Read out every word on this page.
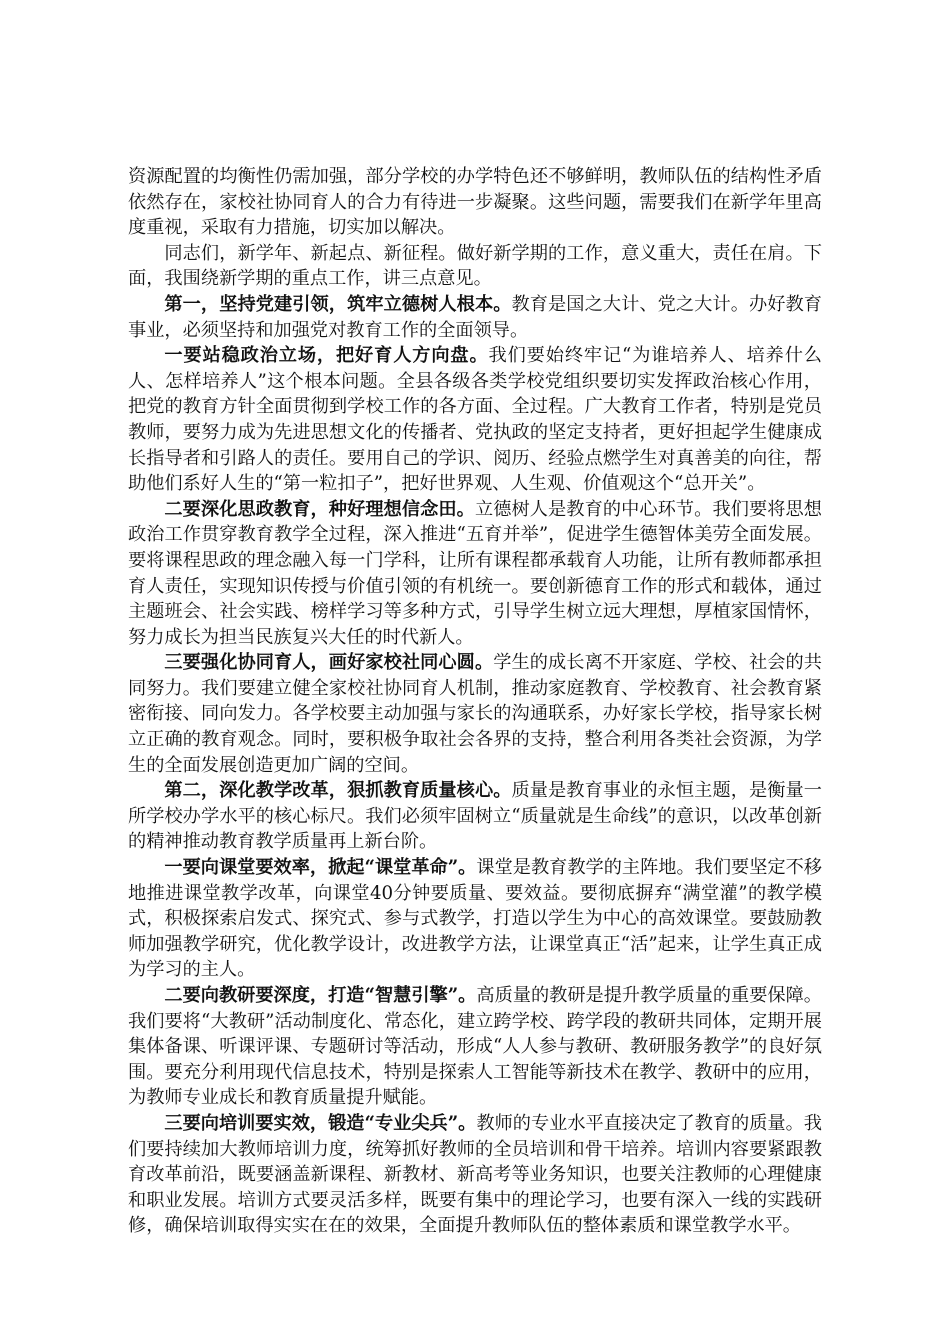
资源配置的均衡性仍需加强，部分学校的办学特色还不够鲜明，教师队伍的结构性矛盾依然存在，家校社协同育人的合力有待进一步凝聚。这些问题，需要我们在新学年里高度重视，采取有力措施，切实加以解决。

同志们，新学年、新起点、新征程。做好新学期的工作，意义重大，责任在肩。下面，我围绕新学期的重点工作，讲三点意见。

第一，坚持党建引领，筑牢立德树人根本。教育是国之大计、党之大计。办好教育事业，必须坚持和加强党对教育工作的全面领导。

一要站稳政治立场，把好育人方向盘。我们要始终牢记“为谁培养人、培养什么人、怎样培养人”这个根本问题。全县各级各类学校党组织要切实发挥政治核心作用，把党的教育方针全面贯彻到学校工作的各方面、全过程。广大教育工作者，特别是党员教师，要努力成为先进思想文化的传播者、党执政的坚定支持者，更好担起学生健康成长指导者和引路人的责任。要用自己的学识、阅历、经验点燃学生对真善美的向往，帮助他们系好人生的“第一粒扣子”，把好世界观、人生观、价值观这个“总开关”。

二要深化思政教育，种好理想信念田。立德树人是教育的中心环节。我们要将思想政治工作贯穿教育教学全过程，深入推进“五育并举”，促进学生德智体美劳全面发展。要将课程思政的理念融入每一门学科，让所有课程都承载育人功能，让所有教师都承担育人责任，实现知识传授与价值引领的有机统一。要创新德育工作的形式和载体，通过主题班会、社会实践、榜样学习等多种方式，引导学生树立远大理想，厚植家国情怀，努力成长为担当民族复兴大任的时代新人。

三要强化协同育人，画好家校社同心圆。学生的成长离不开家庭、学校、社会的共同努力。我们要建立健全家校社协同育人机制，推动家庭教育、学校教育、社会教育紧密衔接、同向发力。各学校要主动加强与家长的沟通联系，办好家长学校，指导家长树立正确的教育观念。同时，要积极争取社会各界的支持，整合利用各类社会资源，为学生的全面发展创造更加广阔的空间。

第二，深化教学改革，狠抓教育质量核心。质量是教育事业的永恒主题，是衡量一所学校办学水平的核心标尺。我们必须牢固树立“质量就是生命线”的意识，以改革创新的精神推动教育教学质量再上新台阶。

一要向课堂要效率，掀起“课堂革命”。课堂是教育教学的主阵地。我们要坚定不移地推进课堂教学改革，向课堂40分钟要质量、要效益。要彻底摒弃“满堂灌”的教学模式，积极探索启发式、探究式、参与式教学，打造以学生为中心的高效课堂。要鼓励教师加强教学研究，优化教学设计，改进教学方法，让课堂真正“活”起来，让学生真正成为学习的主人。

二要向教研要深度，打造“智慧引擎”。高质量的教研是提升教学质量的重要保障。我们要将“大教研”活动制度化、常态化，建立跨学校、跨学段的教研共同体，定期开展集体备课、听课评课、专题研讨等活动，形成“人人参与教研、教研服务教学”的良好氛围。要充分利用现代信息技术，特别是探索人工智能等新技术在教学、教研中的应用，为教师专业成长和教育质量提升赋能。

三要向培训要实效，锻造“专业尖兵”。教师的专业水平直接决定了教育的质量。我们要持续加大教师培训力度，统筹抓好教师的全员培训和骨干培养。培训内容要紧跟教育改革前沿，既要涵盖新课程、新教材、新高考等业务知识，也要关注教师的心理健康和职业发展。培训方式要灵活多样，既要有集中的理论学习，也要有深入一线的实践研修，确保培训取得实实在在的效果，全面提升教师队伍的整体素质和课堂教学水平。
